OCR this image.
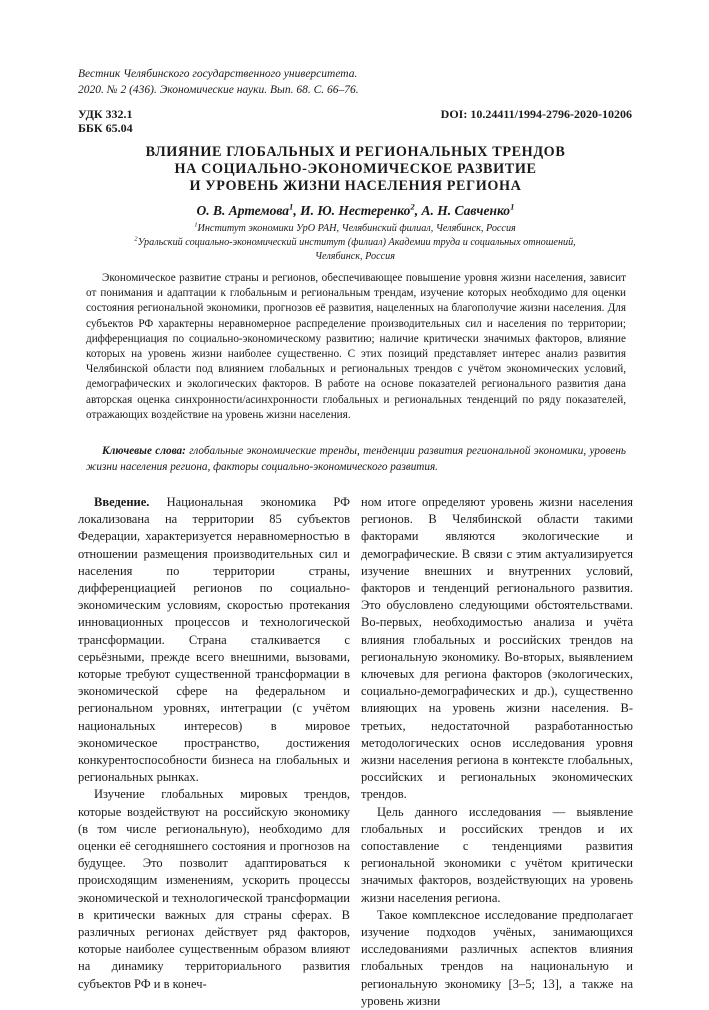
Вестник Челябинского государственного университета.
2020. № 2 (436). Экономические науки. Вып. 68. С. 66–76.
УДК 332.1
ББК 65.04
DOI: 10.24411/1994-2796-2020-10206
ВЛИЯНИЕ ГЛОБАЛЬНЫХ И РЕГИОНАЛЬНЫХ ТРЕНДОВ
НА СОЦИАЛЬНО-ЭКОНОМИЧЕСКОЕ РАЗВИТИЕ
И УРОВЕНЬ ЖИЗНИ НАСЕЛЕНИЯ РЕГИОНА
О. В. Артемова$^1$, И. Ю. Нестеренко$^2$, А. Н. Савченко$^1$
$^1$Институт экономики УрО РАН, Челябинский филиал, Челябинск, Россия
$^2$Уральский социально-экономический институт (филиал) Академии труда и социальных отношений,
Челябинск, Россия

Экономическое развитие страны и регионов, обеспечивающее повышение уровня жизни населения, зависит от понимания и адаптации к глобальным и региональным трендам, изучение которых необходимо для оценки состояния региональной экономики, прогнозов её развития, нацеленных на благополучие жизни населения. Для субъектов РФ характерны неравномерное распределение производительных сил и населения по территории; дифференциация по социально-экономическому развитию; наличие критически значимых факторов, влияние которых на уровень жизни наиболее существенно. С этих позиций представляет интерес анализ развития Челябинской области под влиянием глобальных и региональных трендов с учётом экономических условий, демографических и экологических факторов. В работе на основе показателей регионального развития дана авторская оценка синхронности/асинхронности глобальных и региональных тенденций по ряду показателей, отражающих воздействие на уровень жизни населения.

Ключевые слова: глобальные экономические тренды, тенденции развития региональной экономики, уровень жизни населения региона, факторы социально-экономического развития.

Введение. Национальная экономика РФ локализована на территории 85 субъектов Федерации, характеризуется неравномерностью в отношении размещения производительных сил и населения по территории страны, дифференциацией регионов по социально-экономическим условиям, скоростью протекания инновационных процессов и технологической трансформации. Страна сталкивается с серьёзными, прежде всего внешними, вызовами, которые требуют существенной трансформации в экономической сфере на федеральном и региональном уровнях, интеграции (с учётом национальных интересов) в мировое экономическое пространство, достижения конкурентоспособности бизнеса на глобальных и региональных рынках.

Изучение глобальных мировых трендов, которые воздействуют на российскую экономику (в том числе региональную), необходимо для оценки её сегодняшнего состояния и прогнозов на будущее. Это позволит адаптироваться к происходящим изменениям, ускорить процессы экономической и технологической трансформации в критически важных для страны сферах. В различных регионах действует ряд факторов, которые наиболее существенным образом влияют на динамику территориального развития субъектов РФ и в конеч-

ном итоге определяют уровень жизни населения регионов. В Челябинской области такими факторами являются экологические и демографические. В связи с этим актуализируется изучение внешних и внутренних условий, факторов и тенденций регионального развития. Это обусловлено следующими обстоятельствами. Во-первых, необходимостью анализа и учёта влияния глобальных и российских трендов на региональную экономику. Во-вторых, выявлением ключевых для региона факторов (экологических, социально-демографических и др.), существенно влияющих на уровень жизни населения. В-третьих, недостаточной разработанностью методологических основ исследования уровня жизни населения региона в контексте глобальных, российских и региональных экономических трендов.

Цель данного исследования — выявление глобальных и российских трендов и их сопоставление с тенденциями развития региональной экономики с учётом критически значимых факторов, воздействующих на уровень жизни населения региона.

Такое комплексное исследование предполагает изучение подходов учёных, занимающихся исследованиями различных аспектов влияния глобальных трендов на национальную и региональную экономику [3–5; 13], а также на уровень жизни
